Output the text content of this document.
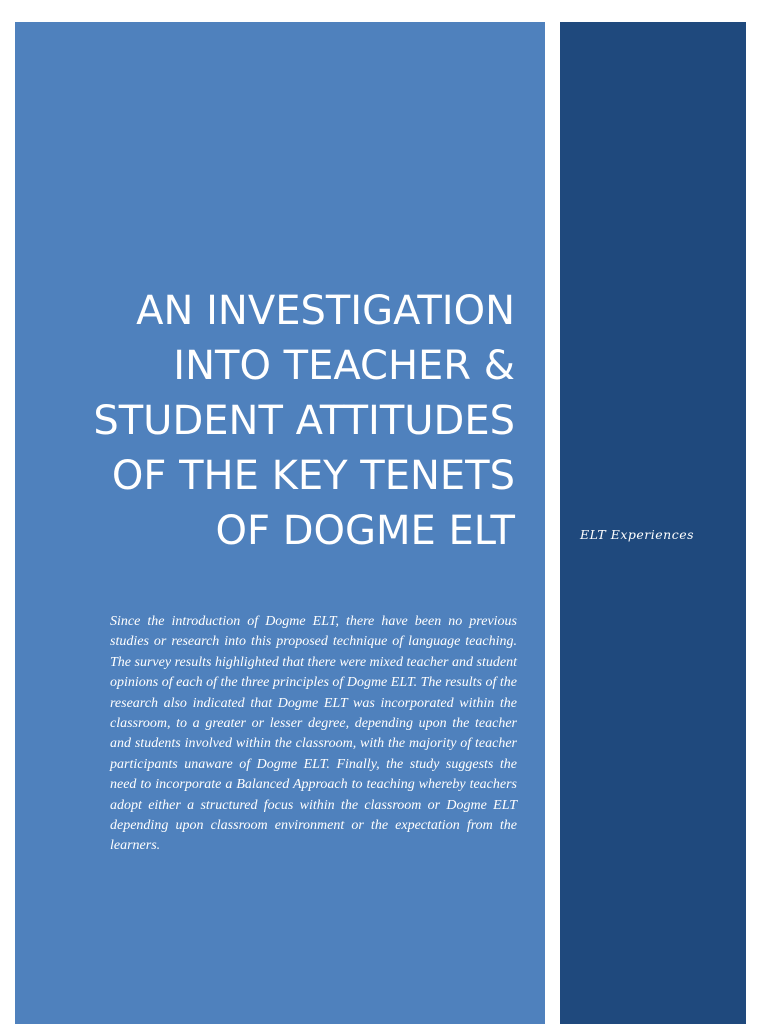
AN INVESTIGATION INTO TEACHER & STUDENT ATTITUDES OF THE KEY TENETS OF DOGME ELT

Since the introduction of Dogme ELT, there have been no previous studies or research into this proposed technique of language teaching. The survey results highlighted that there were mixed teacher and student opinions of each of the three principles of Dogme ELT. The results of the research also indicated that Dogme ELT was incorporated within the classroom, to a greater or lesser degree, depending upon the teacher and students involved within the classroom, with the majority of teacher participants unaware of Dogme ELT. Finally, the study suggests the need to incorporate a Balanced Approach to teaching whereby teachers adopt either a structured focus within the classroom or Dogme ELT depending upon classroom environment or the expectation from the learners.

ELT Experiences
